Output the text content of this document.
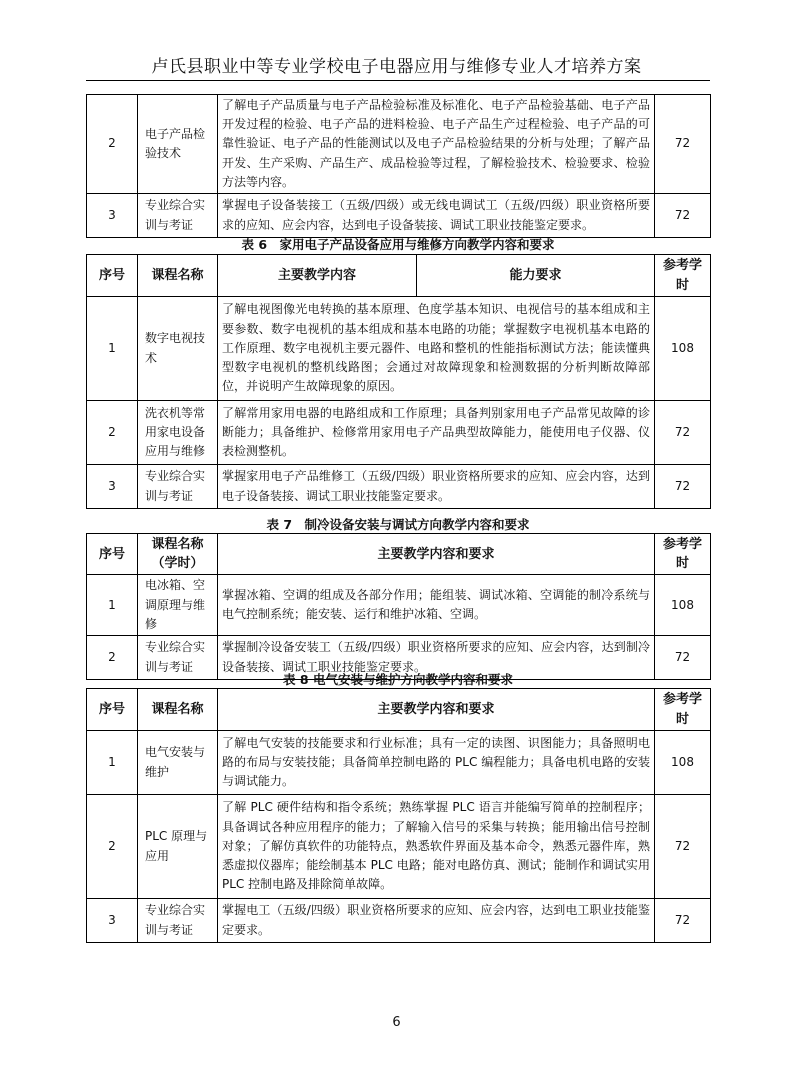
卢氏县职业中等专业学校电子电器应用与维修专业人才培养方案
2	电子产品检验技术	了解电子产品质量与电子产品检验标准及标准化、电子产品检验基础、电子产品开发过程的检验、电子产品的进料检验、电子产品生产过程检验、电子产品的可靠性验证、电子产品的性能测试以及电子产品检验结果的分析与处理；了解产品开发、生产采购、产品生产、成品检验等过程，了解检验技术、检验要求、检验方法等内容。	72
3	专业综合实训与考证	掌握电子设备装接工（五级/四级）或无线电调试工（五级/四级）职业资格所要求的应知、应会内容，达到电子设备装接、调试工职业技能鉴定要求。	72
表 6　家用电子产品设备应用与维修方向教学内容和要求
序号	课程名称	主要教学内容	能力要求	参考学时
1	数字电视技术	了解电视图像光电转换的基本原理、色度学基本知识、电视信号的基本组成和主要参数、数字电视机的基本组成和基本电路的功能；掌握数字电视机基本电路的工作原理、数字电视机主要元器件、电路和整机的性能指标测试方法；能读懂典型数字电视机的整机线路图；会通过对故障现象和检测数据的分析判断故障部位，并说明产生故障现象的原因。		108
2	洗衣机等常用家电设备应用与维修	了解常用家用电器的电路组成和工作原理；具备判别家用电子产品常见故障的诊断能力；具备维护、检修常用家用电子产品典型故障能力，能使用电子仪器、仪表检测整机。		72
3	专业综合实训与考证	掌握家用电子产品维修工（五级/四级）职业资格所要求的应知、应会内容，达到电子设备装接、调试工职业技能鉴定要求。		72
表 7　制冷设备安装与调试方向教学内容和要求
序号	课程名称（学时）	主要教学内容和要求	参考学时
1	电冰箱、空调原理与维修	掌握冰箱、空调的组成及各部分作用；能组装、调试冰箱、空调能的制冷系统与电气控制系统；能安装、运行和维护冰箱、空调。	108
2	专业综合实训与考证	掌握制冷设备安装工（五级/四级）职业资格所要求的应知、应会内容，达到制冷设备装接、调试工职业技能鉴定要求。	72
表 8 电气安装与维护方向教学内容和要求
序号	课程名称	主要教学内容和要求	参考学时
1	电气安装与维护	了解电气安装的技能要求和行业标准；具有一定的读图、识图能力；具备照明电路的布局与安装技能；具备简单控制电路的 PLC 编程能力；具备电机电路的安装与调试能力。	108
2	PLC 原理与应用	了解 PLC 硬件结构和指令系统；熟练掌握 PLC 语言并能编写简单的控制程序；具备调试各种应用程序的能力；了解输入信号的采集与转换；能用输出信号控制对象；了解仿真软件的功能特点，熟悉软件界面及基本命令，熟悉元器件库，熟悉虚拟仪器库；能绘制基本 PLC 电路；能对电路仿真、测试；能制作和调试实用 PLC 控制电路及排除简单故障。	72
3	专业综合实训与考证	掌握电工（五级/四级）职业资格所要求的应知、应会内容，达到电工职业技能鉴定要求。	72
6
